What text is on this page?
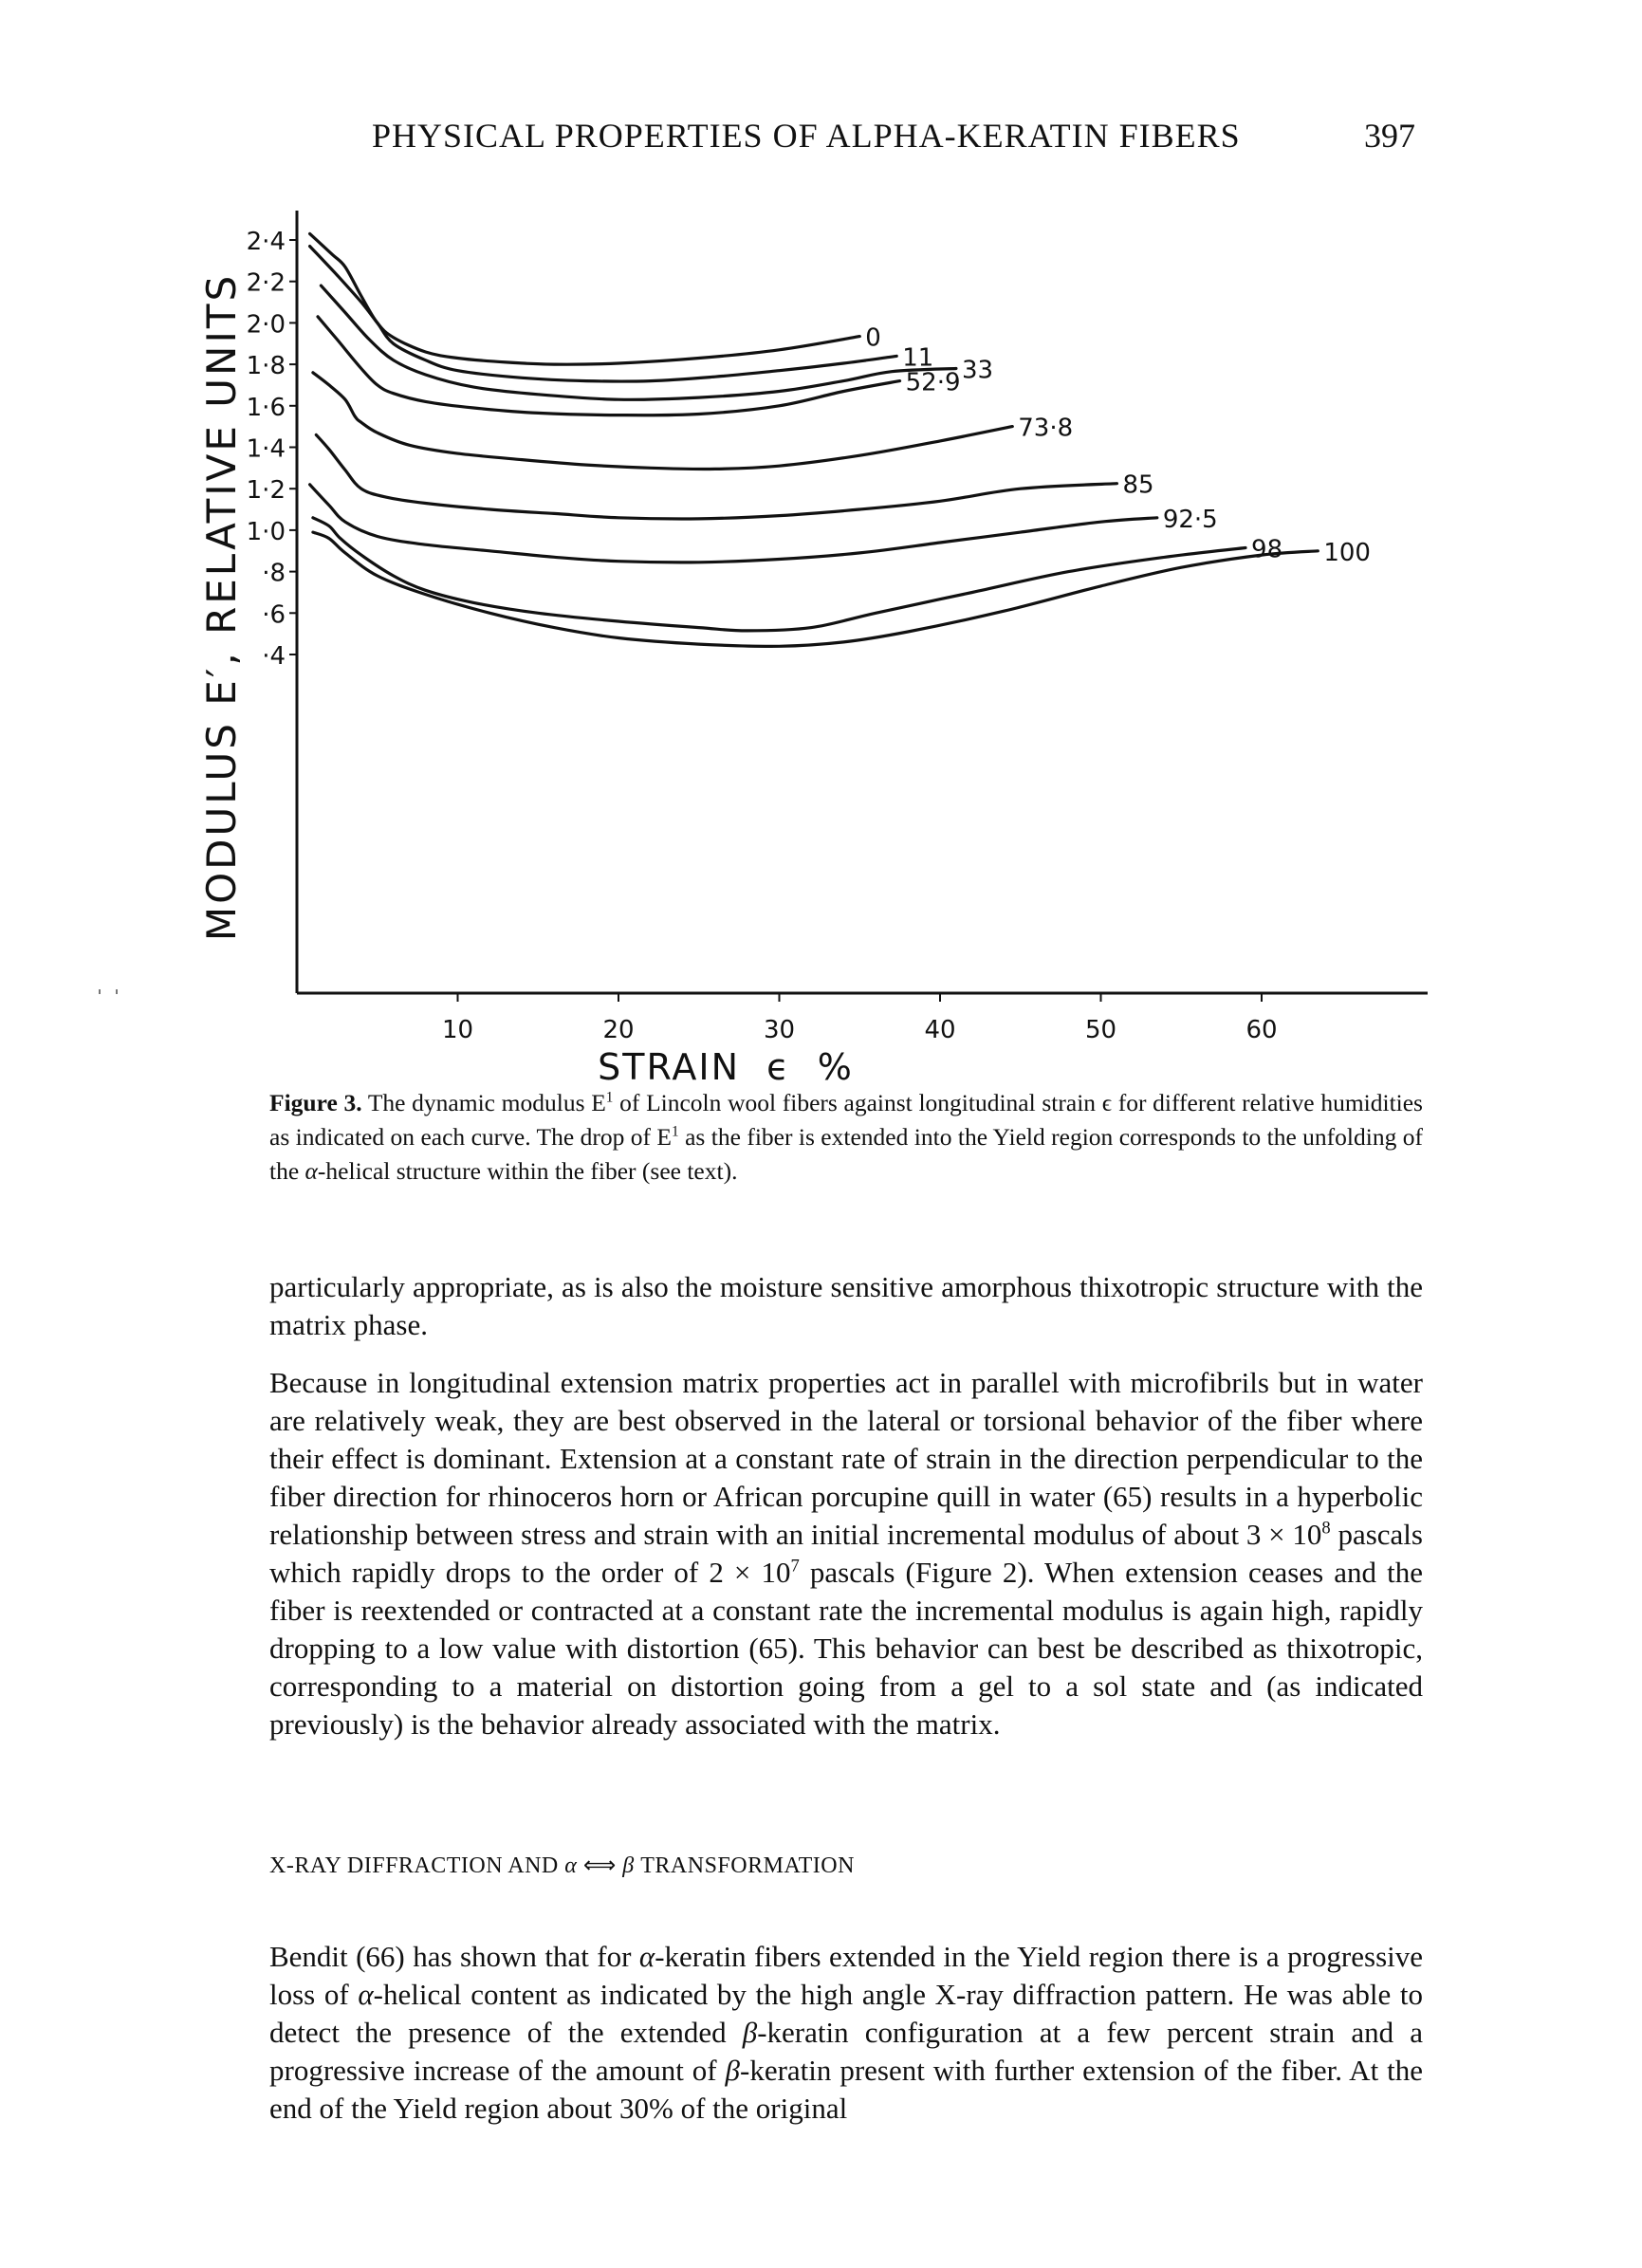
PHYSICAL PROPERTIES OF ALPHA-KERATIN FIBERS	397
·4
·6
·8
1·0
1·2
1·4
1·6
1·8
2·0
2·2
2·4
10	20	30	40	50	60
0
11 33
52·9
73·8
85
92·5
98 100
MODULUS E′, RELATIVE UNITS
STRAIN  ϵ  %
Figure 3. The dynamic modulus $E^1$ of Lincoln wool fibers against longitudinal strain ϵ for different relative humidities as indicated on each curve. The drop of $E^1$ as the fiber is extended into the Yield region corresponds to the unfolding of the α-helical structure within the fiber (see text).

particularly appropriate, as is also the moisture sensitive amorphous thixotropic structure with the matrix phase.

Because in longitudinal extension matrix properties act in parallel with microfibrils but in water are relatively weak, they are best observed in the lateral or torsional behavior of the fiber where their effect is dominant. Extension at a constant rate of strain in the direction perpendicular to the fiber direction for rhinoceros horn or African porcupine quill in water (65) results in a hyperbolic relationship between stress and strain with an initial incremental modulus of about $3 \times 10^8$ pascals which rapidly drops to the order of $2 \times 10^7$ pascals (Figure 2). When extension ceases and the fiber is reextended or contracted at a constant rate the incremental modulus is again high, rapidly dropping to a low value with distortion (65). This behavior can best be described as thixotropic, corresponding to a material on distortion going from a gel to a sol state and (as indicated previously) is the behavior already associated with the matrix.

X-RAY DIFFRACTION AND α ⟺ β TRANSFORMATION

Bendit (66) has shown that for α-keratin fibers extended in the Yield region there is a progressive loss of α-helical content as indicated by the high angle X-ray diffraction pattern. He was able to detect the presence of the extended β-keratin configuration at a few percent strain and a progressive increase of the amount of β-keratin present with further extension of the fiber. At the end of the Yield region about 30% of the original
